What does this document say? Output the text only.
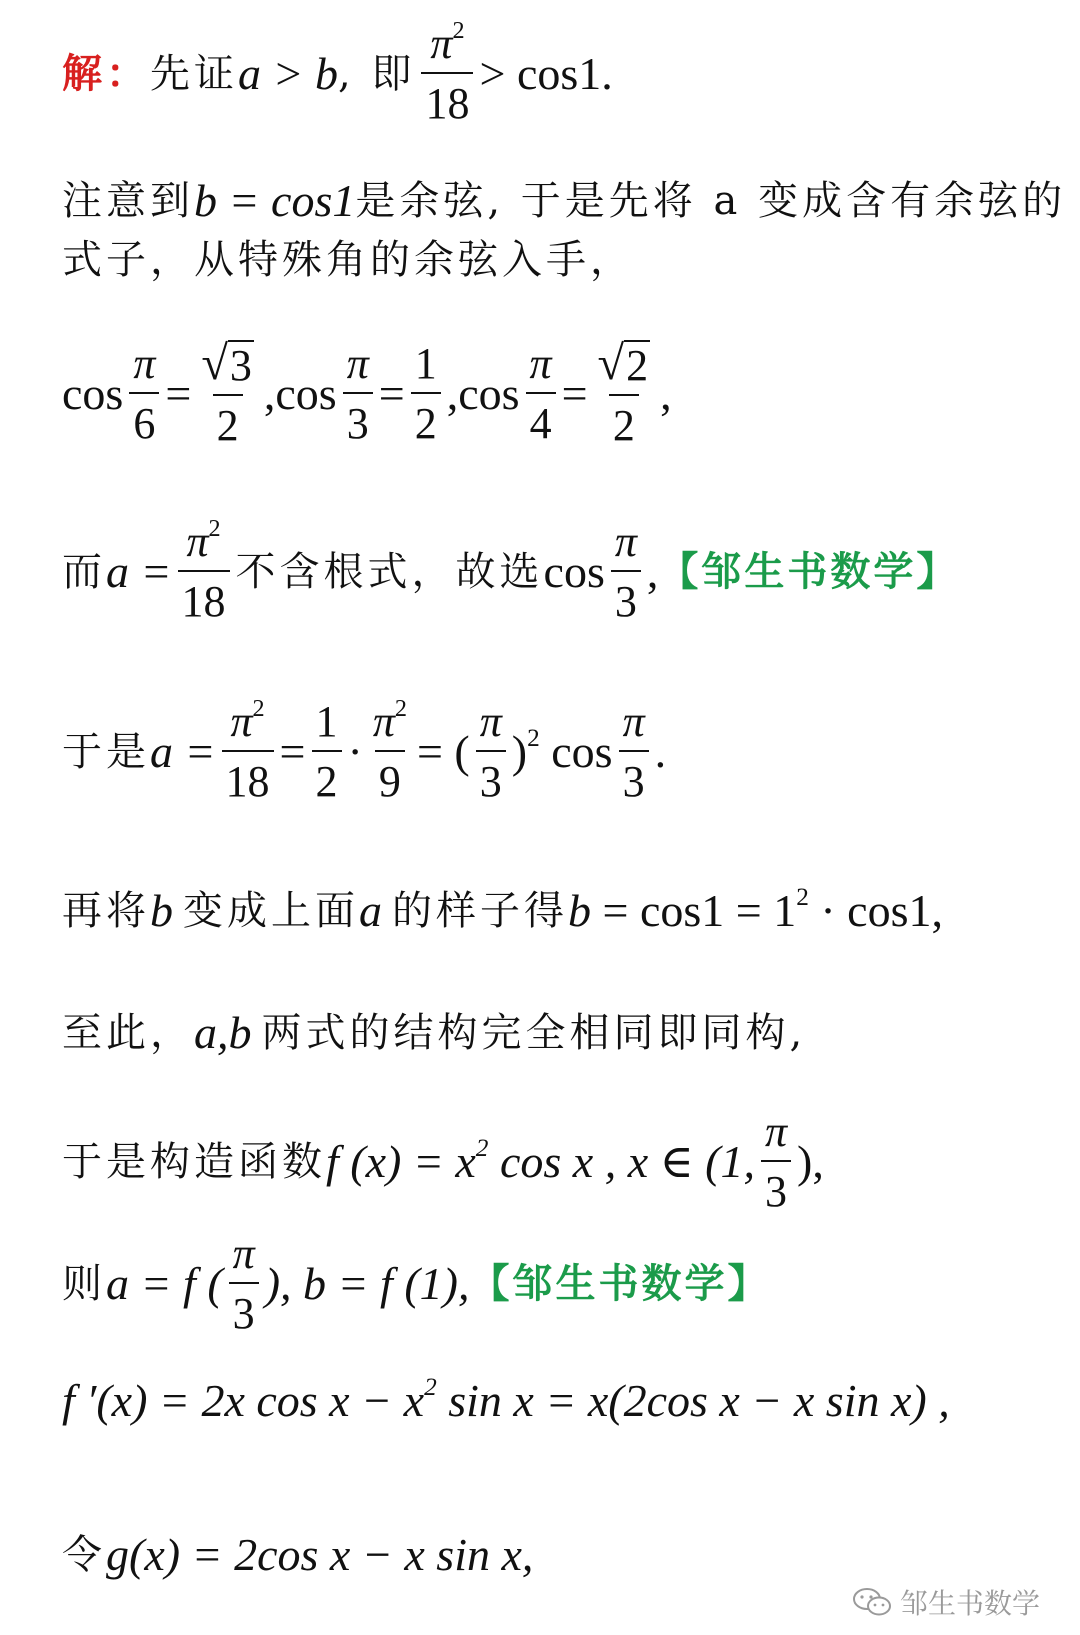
解： 先证 a > b , 即 $\frac{\pi^2}{18} > \cos 1$ .
注意到 b = cos1 是余弦, 于是先将 a 变成含有余弦的
式子，从特殊角的余弦入手，
$\cos \frac{\pi}{6} = \frac{√ 3}{2}$ , $\cos \frac{\pi}{3} = \frac{1}{2}$ , $\cos \frac{\pi}{4} = \frac{√ 2}{2}$ ,
而 $a = \frac{\pi^2}{18}$ 不含根式，故选 $\cos \frac{\pi}{3}$ , 【邹生书数学】
于是 $a = \frac{\pi^2}{18} = \frac{1}{2} \cdot \frac{\pi^2}{9}$ = ( $\frac{\pi}{3} )^2$ $\cos \frac{\pi}{3}$ .
再将 b 变成上面 a 的样子得 $b = \cos 1 = 1^2 \cdot \cos 1$,
至此， a,b 两式的结构完全相同即同构,
于是构造函数 f $(x) = x^2$ cos x , x ∈ (1, $\frac{\pi}{3}$ ),
则 a = f ( $\frac{\pi}{3}$ ), b = f (1), 【邹生书数学】
f ′(x) = 2x $\cos x - x^2$ sin x = x(2cos x − x sin x) ,
令 g(x) = 2cos x − x sin x,
邹生书数学
